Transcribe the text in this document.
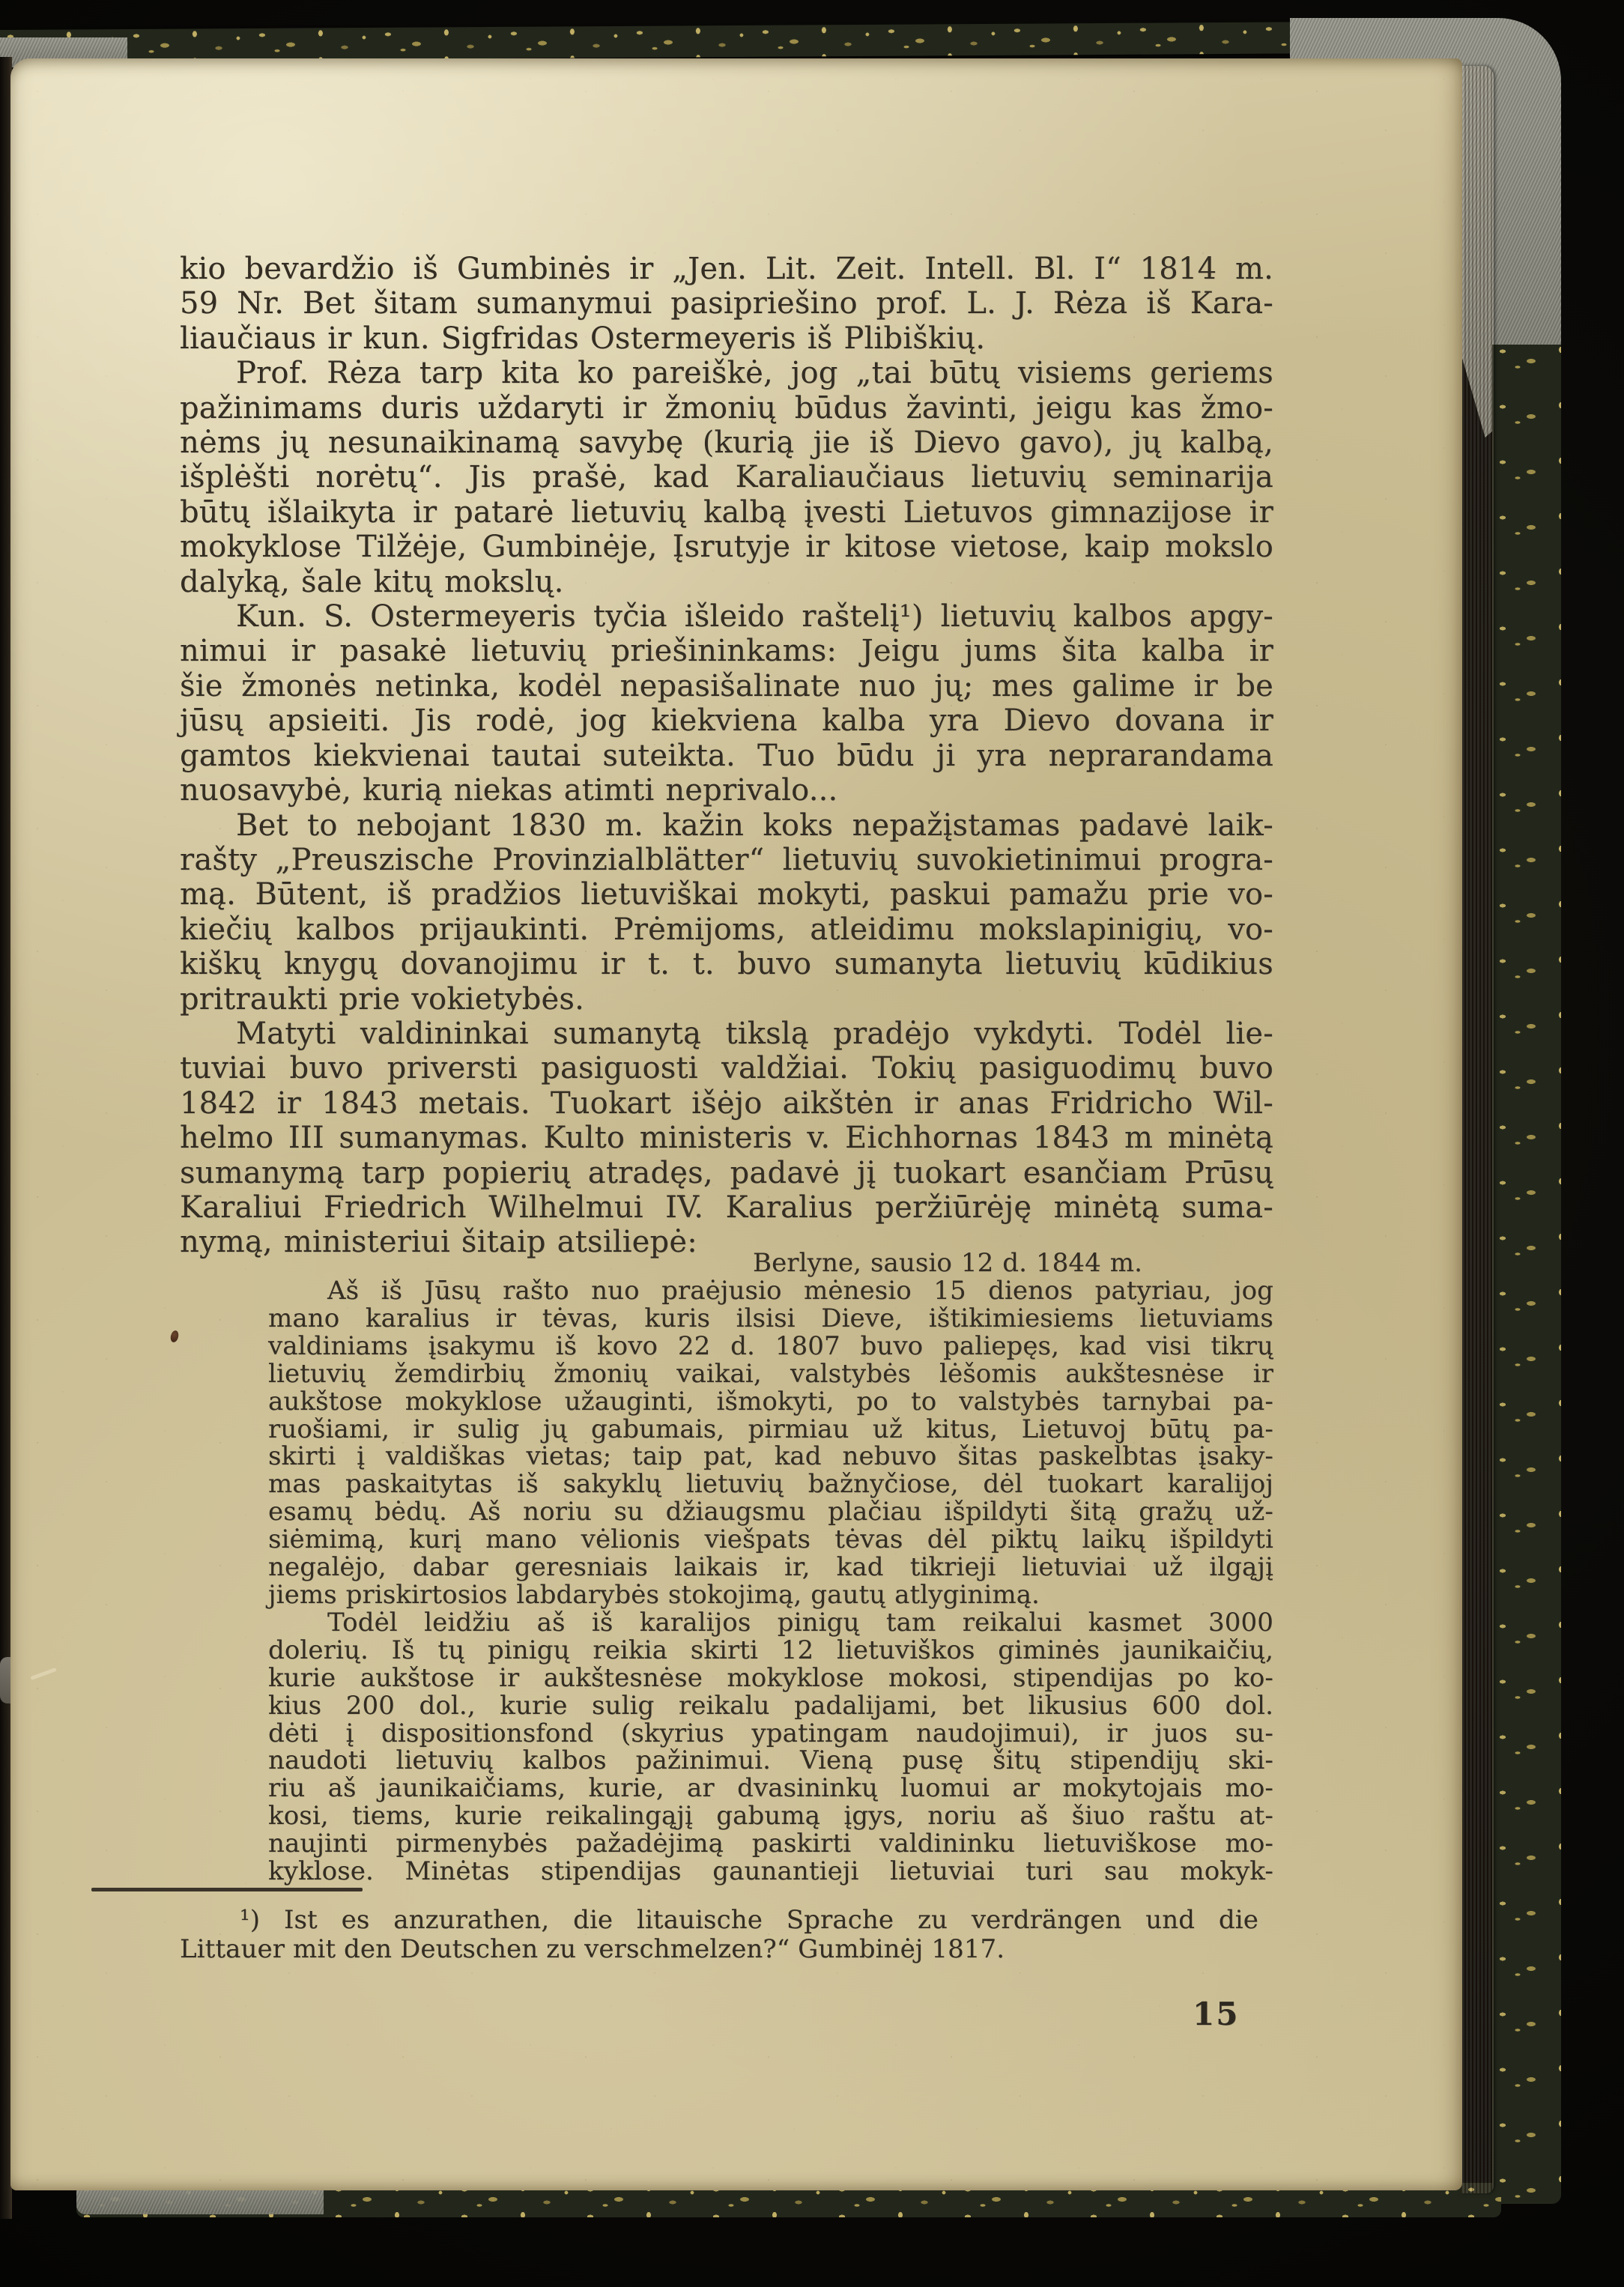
kio bevardžio iš Gumbinės ir „Jen. Lit. Zeit. Intell. Bl. I“ 1814 m.
59 Nr. Bet šitam sumanymui pasipriešino prof. L. J. Rėza iš Kara-
liaučiaus ir kun. Sigfridas Ostermeyeris iš Plibiškių.
Prof. Rėza tarp kita ko pareiškė, jog „tai būtų visiems geriems
pažinimams duris uždaryti ir žmonių būdus žavinti, jeigu kas žmo-
nėms jų nesunaikinamą savybę (kurią jie iš Dievo gavo), jų kalbą,
išplėšti norėtų“. Jis prašė, kad Karaliaučiaus lietuvių seminarija
būtų išlaikyta ir patarė lietuvių kalbą įvesti Lietuvos gimnazijose ir
mokyklose Tilžėje, Gumbinėje, Įsrutyje ir kitose vietose, kaip mokslo
dalyką, šale kitų mokslų.
Kun. S. Ostermeyeris tyčia išleido raštelį¹) lietuvių kalbos apgy-
nimui ir pasakė lietuvių priešininkams: Jeigu jums šita kalba ir
šie žmonės netinka, kodėl nepasišalinate nuo jų; mes galime ir be
jūsų apsieiti. Jis rodė, jog kiekviena kalba yra Dievo dovana ir
gamtos kiekvienai tautai suteikta. Tuo būdu ji yra neprarandama
nuosavybė, kurią niekas atimti neprivalo...
Bet to nebojant 1830 m. kažin koks nepažįstamas padavė laik-
rašty „Preuszische Provinzialblätter“ lietuvių suvokietinimui progra-
mą. Būtent, iš pradžios lietuviškai mokyti, paskui pamažu prie vo-
kiečių kalbos prijaukinti. Prėmijoms, atleidimu mokslapinigių, vo-
kiškų knygų dovanojimu ir t. t. buvo sumanyta lietuvių kūdikius
pritraukti prie vokietybės.
Matyti valdininkai sumanytą tikslą pradėjo vykdyti. Todėl lie-
tuviai buvo priversti pasiguosti valdžiai. Tokių pasiguodimų buvo
1842 ir 1843 metais. Tuokart išėjo aikštėn ir anas Fridricho Wil-
helmo III sumanymas. Kulto ministeris v. Eichhornas 1843 m minėtą
sumanymą tarp popierių atradęs, padavė jį tuokart esančiam Prūsų
Karaliui Friedrich Wilhelmui IV. Karalius peržiūrėję minėtą suma-
nymą, ministeriui šitaip atsiliepė:
Berlyne, sausio 12 d. 1844 m.
Aš iš Jūsų rašto nuo praėjusio mėnesio 15 dienos patyriau, jog
mano karalius ir tėvas, kuris ilsisi Dieve, ištikimiesiems lietuviams
valdiniams įsakymu iš kovo 22 d. 1807 buvo paliepęs, kad visi tikrų
lietuvių žemdirbių žmonių vaikai, valstybės lėšomis aukštesnėse ir
aukštose mokyklose užauginti, išmokyti, po to valstybės tarnybai pa-
ruošiami, ir sulig jų gabumais, pirmiau už kitus, Lietuvoj būtų pa-
skirti į valdiškas vietas; taip pat, kad nebuvo šitas paskelbtas įsaky-
mas paskaitytas iš sakyklų lietuvių bažnyčiose, dėl tuokart karalijoj
esamų bėdų. Aš noriu su džiaugsmu plačiau išpildyti šitą gražų už-
siėmimą, kurį mano vėlionis viešpats tėvas dėl piktų laikų išpildyti
negalėjo, dabar geresniais laikais ir, kad tikrieji lietuviai už ilgąjį
jiems priskirtosios labdarybės stokojimą, gautų atlyginimą.
Todėl leidžiu aš iš karalijos pinigų tam reikalui kasmet 3000
dolerių. Iš tų pinigų reikia skirti 12 lietuviškos giminės jaunikaičių,
kurie aukštose ir aukštesnėse mokyklose mokosi, stipendijas po ko-
kius 200 dol., kurie sulig reikalu padalijami, bet likusius 600 dol.
dėti į dispositionsfond (skyrius ypatingam naudojimui), ir juos su-
naudoti lietuvių kalbos pažinimui. Vieną pusę šitų stipendijų ski-
riu aš jaunikaičiams, kurie, ar dvasininkų luomui ar mokytojais mo-
kosi, tiems, kurie reikalingąjį gabumą įgys, noriu aš šiuo raštu at-
naujinti pirmenybės pažadėjimą paskirti valdininku lietuviškose mo-
kyklose. Minėtas stipendijas gaunantieji lietuviai turi sau mokyk-
¹) Ist es anzurathen, die litauische Sprache zu verdrängen und die
Littauer mit den Deutschen zu verschmelzen?“ Gumbinėj 1817.
15
